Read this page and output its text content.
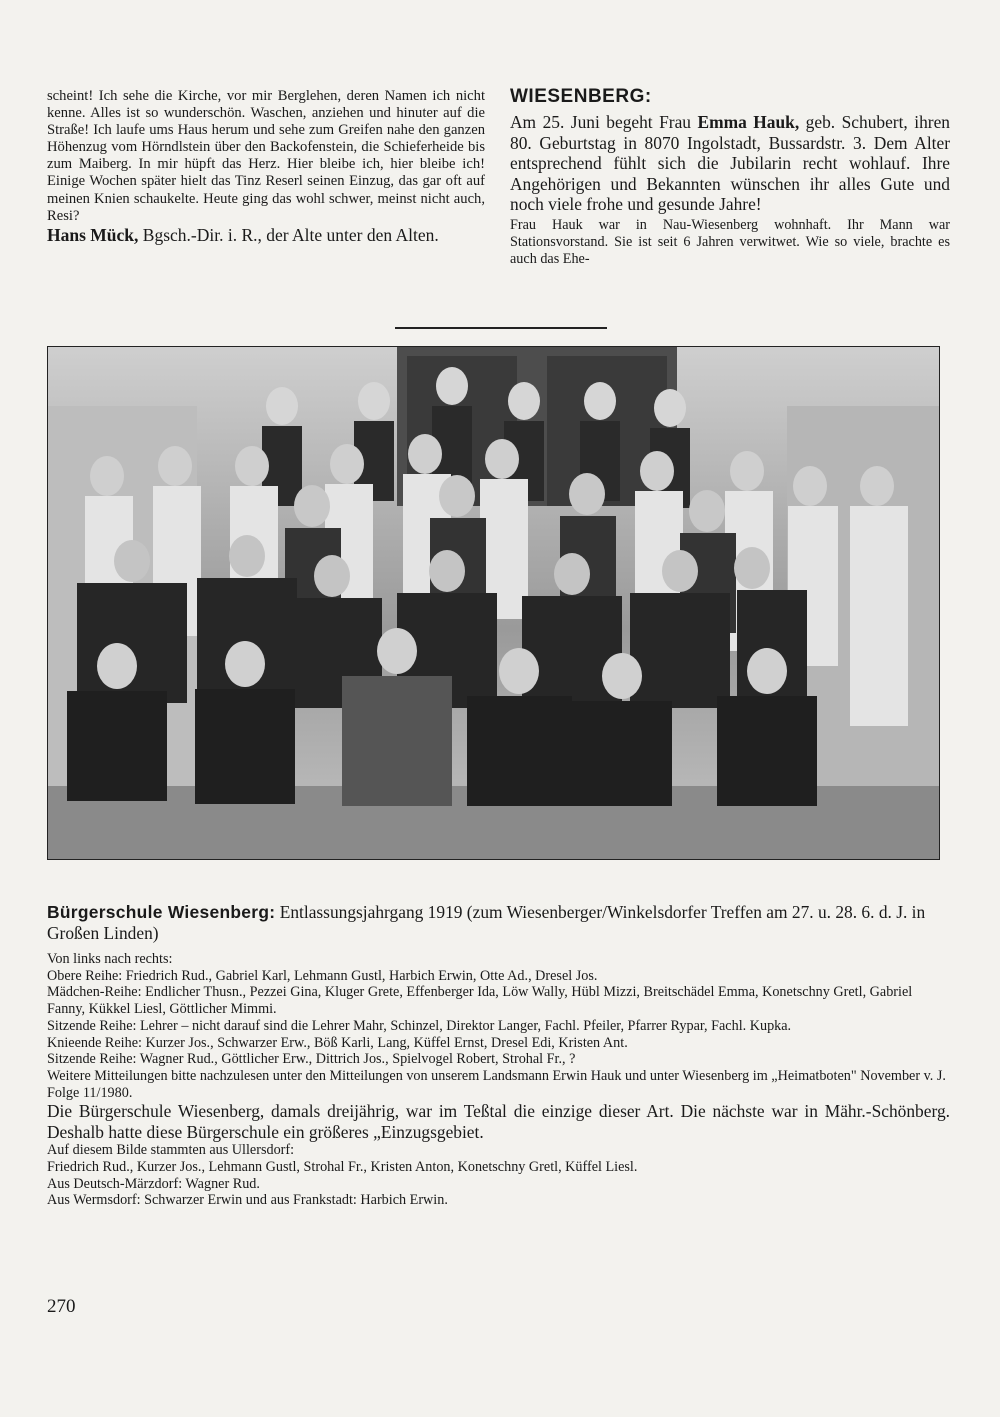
scheint! Ich sehe die Kirche, vor mir Berglehen, deren Namen ich nicht kenne. Alles ist so wunderschön. Waschen, anziehen und hinuter auf die Straße! Ich laufe ums Haus herum und sehe zum Greifen nahe den ganzen Höhenzug vom Hörndlstein über den Backofenstein, die Schieferheide bis zum Maiberg. In mir hüpft das Herz. Hier bleibe ich, hier bleibe ich! Einige Wochen später hielt das Tinz Reserl seinen Einzug, das gar oft auf meinen Knien schaukelte. Heute ging das wohl schwer, meinst nicht auch, Resi?

Hans Mück, Bgsch.-Dir. i. R., der Alte unter den Alten.

WIESENBERG:

Am 25. Juni begeht Frau Emma Hauk, geb. Schubert, ihren 80. Geburtstag in 8070 Ingolstadt, Bussardstr. 3. Dem Alter entsprechend fühlt sich die Jubilarin recht wohlauf. Ihre Angehörigen und Bekannten wünschen ihr alles Gute und noch viele frohe und gesunde Jahre!

Frau Hauk war in Nau-Wiesenberg wohnhaft. Ihr Mann war Stationsvorstand. Sie ist seit 6 Jahren verwitwet. Wie so viele, brachte es auch das Ehe-

Bürgerschule Wiesenberg: Entlassungsjahrgang 1919 (zum Wiesenberger/Winkelsdorfer Treffen am 27. u. 28. 6. d. J. in Großen Linden)

Von links nach rechts:

Obere Reihe: Friedrich Rud., Gabriel Karl, Lehmann Gustl, Harbich Erwin, Otte Ad., Dresel Jos.

Mädchen-Reihe: Endlicher Thusn., Pezzei Gina, Kluger Grete, Effenberger Ida, Löw Wally, Hübl Mizzi, Breitschädel Emma, Konetschny Gretl, Gabriel Fanny, Kükkel Liesl, Göttlicher Mimmi.

Sitzende Reihe: Lehrer – nicht darauf sind die Lehrer Mahr, Schinzel, Direktor Langer, Fachl. Pfeiler, Pfarrer Rypar, Fachl. Kupka.

Knieende Reihe: Kurzer Jos., Schwarzer Erw., Böß Karli, Lang, Küffel Ernst, Dresel Edi, Kristen Ant.

Sitzende Reihe: Wagner Rud., Göttlicher Erw., Dittrich Jos., Spielvogel Robert, Strohal Fr., ?

Weitere Mitteilungen bitte nachzulesen unter den Mitteilungen von unserem Landsmann Erwin Hauk und unter Wiesenberg im „Heimatboten" November v. J. Folge 11/1980.

Die Bürgerschule Wiesenberg, damals dreijährig, war im Teßtal die einzige dieser Art. Die nächste war in Mähr.-Schönberg. Deshalb hatte diese Bürgerschule ein größeres „Einzugsgebiet.

Auf diesem Bilde stammten aus Ullersdorf:

Friedrich Rud., Kurzer Jos., Lehmann Gustl, Strohal Fr., Kristen Anton, Konetschny Gretl, Küffel Liesl.

Aus Deutsch-Märzdorf: Wagner Rud.

Aus Wermsdorf: Schwarzer Erwin und aus Frankstadt: Harbich Erwin.

270
